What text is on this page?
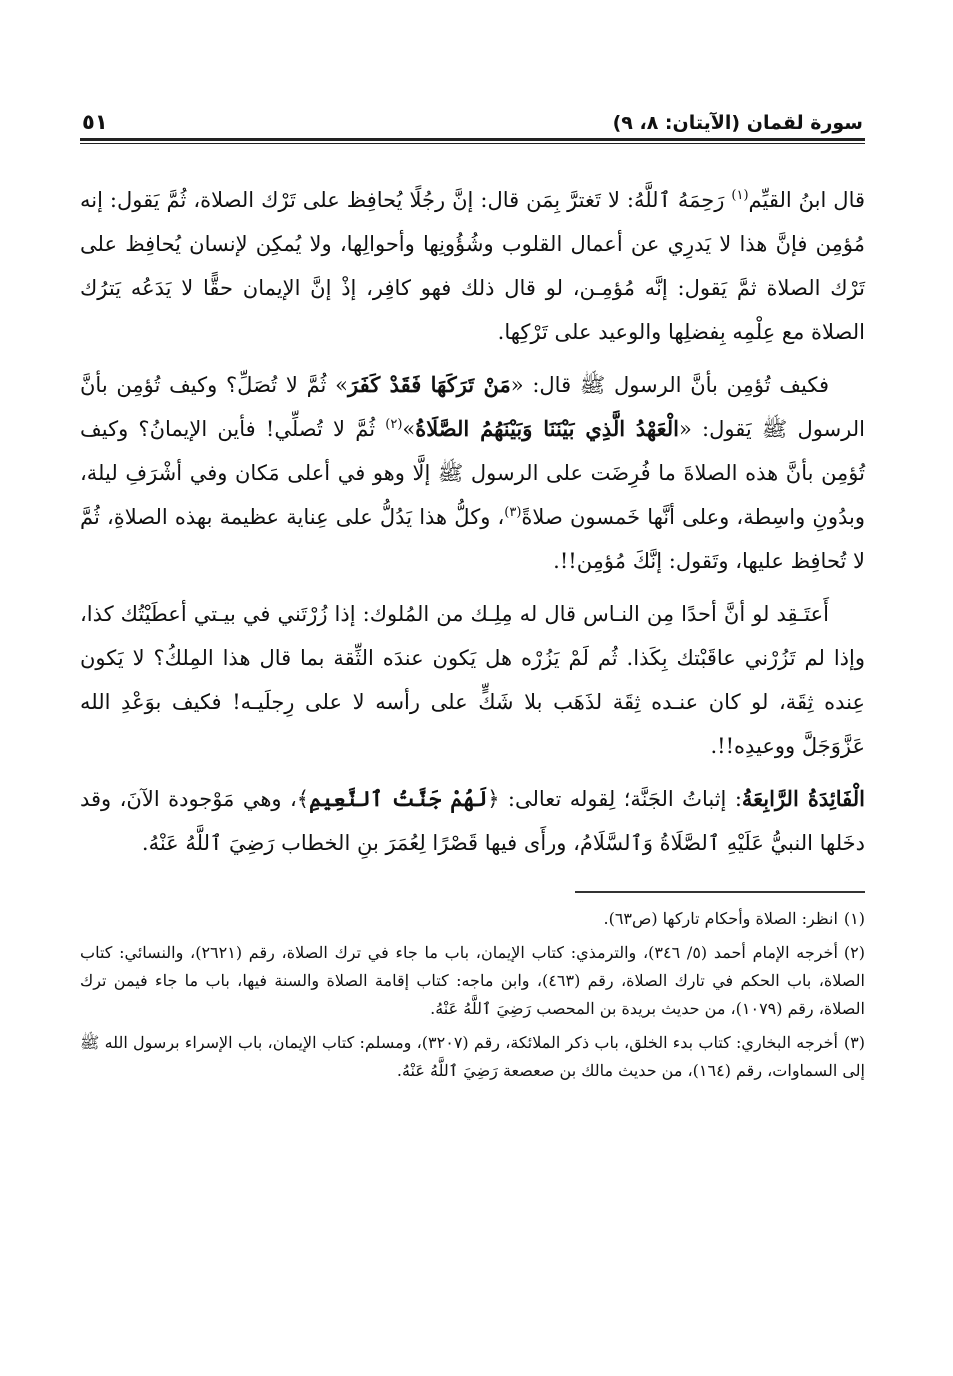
سورة لقمان (الآيتان: ٨، ٩)
٥١

قال ابنُ القيِّم$^{(١)}$ رَحِمَهُ ٱللَّهُ: لا تَغترَّ بِمَن قال: إنَّ رجُلًا يُحافِظ على تَرْك الصلاة، ثُمَّ يَقول: إنه مُؤمِن فإنَّ هذا لا يَدرِي عن أعمال القلوب وشُؤُونِها وأحوالِها، ولا يُمكِن لإنسان يُحافِظ على تَرْك الصلاة ثمَّ يَقول: إنَّه مُؤمِـن، لو قال ذلك فهو كافِر، إذْ إنَّ الإيمان حقًّا لا يَدَعُه يَترُك الصلاة مع عِلْمِه بِفضلِها والوعيد على تَرْكِها.

فكيف تُؤمِن بأنَّ الرسول ﷺ قال: «مَنْ تَرَكَهَا فَقَدْ كَفَرَ» ثُمَّ لا تُصَلِّ؟ وكيف تُؤمِن بأنَّ الرسول ﷺ يَقول: «الْعَهْدُ الَّذِي بَيْنَنَا وَبَيْنَهُمُ الصَّلَاةُ»$^{(٢)}$ ثُمَّ لا تُصلِّي! فأين الإيمانُ؟ وكيف تُؤمِن بأنَّ هذه الصلاةَ ما فُرِضَت على الرسول ﷺ إلَّا وهو في أعلى مَكان وفي أشْرَفِ ليلة، وبدُونِ واسِطة، وعلى أنَّها خَمسون صلاةً$^{(٣)}$، وكلُّ هذا يَدُلُّ على عِناية عظيمة بهذه الصلاةِ، ثُمَّ لا تُحافِظ عليها، وتَقول: إنَّكَ مُؤمِن!!.

أَعتَـقِد لو أنَّ أحدًا مِن النـاس قال له مِلِـك من المُلوك: إذا زُرْتَني في بيـتي أعطَيْتُك كذا، وإذا لم تَزُرْني عاقَبْتك بِكَذا. ثُم لَمْ يَزُرْه هل يَكون عندَه الثِّقة بما قال هذا المِلكُ؟ لا يَكون عِنده ثِقَة، لو كان عنـده ثِقَة لذَهَب بلا شَكٍّ على رأسه لا على رِجلَيـه! فكيف بوَعْدِ الله عَزَّوَجَلَّ ووعيدِه!!.

الْفَائِدَةُ الرَّابِعَةُ: إثباتُ الجَنَّة؛ لِقوله تعالى: ﴿لَهُمْ جَنَّتُ ٱلنَّعِيمِ﴾، وهي مَوْجودة الآنَ، وقد دخَلها النبيُّ عَلَيْهِ ٱلصَّلَاةُ وَٱلسَّلَامُ، ورأَى فيها قَصْرًا لِعُمَرَ بنِ الخطاب رَضِيَ ٱللَّهُ عَنْهُ.

(١)انظر: الصلاة وأحكام تاركها (ص٦٣).

(٢)أخرجه الإمام أحمد (٥/ ٣٤٦)، والترمذي: كتاب الإيمان، باب ما جاء في ترك الصلاة، رقم (٢٦٢١)، والنسائي: كتاب الصلاة، باب الحكم في تارك الصلاة، رقم (٤٦٣)، وابن ماجه: كتاب إقامة الصلاة والسنة فيها، باب ما جاء فيمن ترك الصلاة، رقم (١٠٧٩)، من حديث بريدة بن المحصب رَضِيَ ٱللَّهُ عَنْهُ.

(٣)أخرجه البخاري: كتاب بدء الخلق، باب ذكر الملائكة، رقم (٣٢٠٧)، ومسلم: كتاب الإيمان، باب الإسراء برسول الله ﷺ إلى السماوات، رقم (١٦٤)، من حديث مالك بن صعصعة رَضِيَ ٱللَّهُ عَنْهُ.
